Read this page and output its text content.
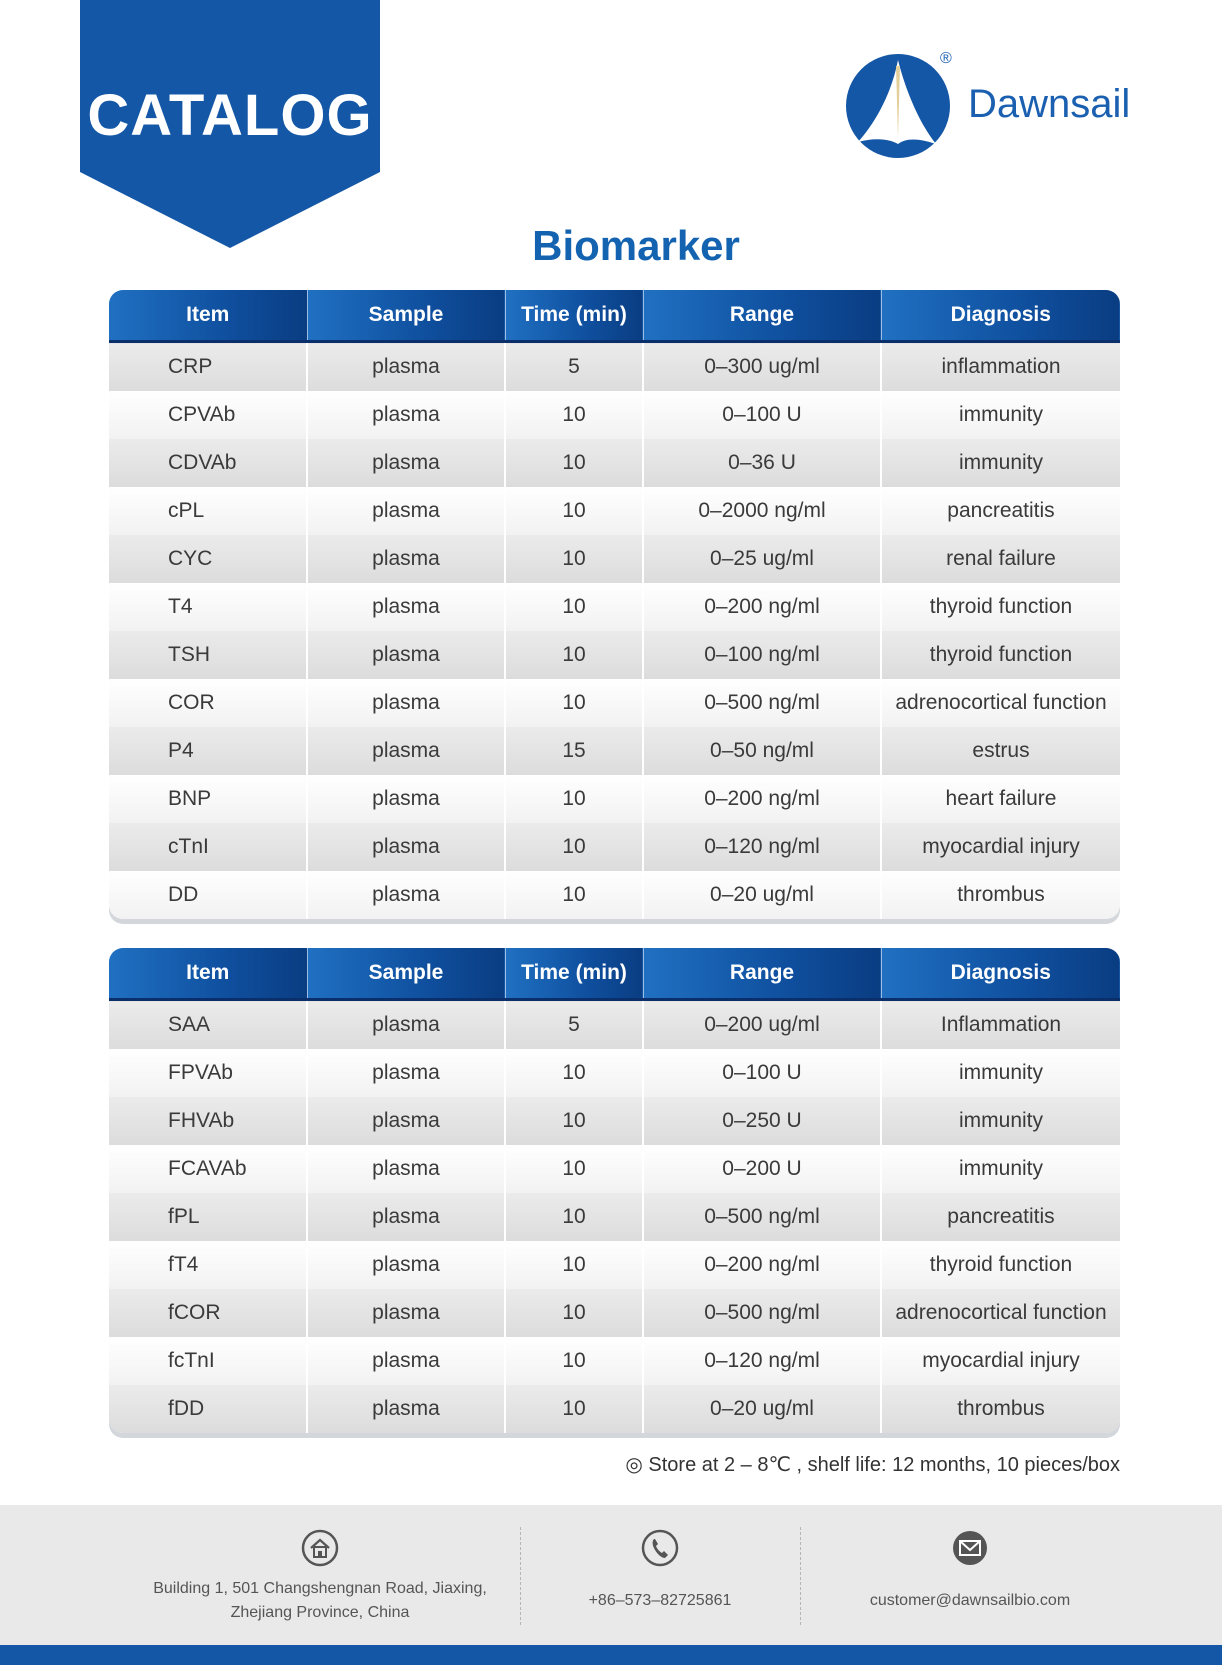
CATALOG
®
Dawnsail
Biomarker
Item	Sample	Time (min)	Range	Diagnosis
CRP	plasma	5	0–300 ug/ml	inflammation
CPVAb	plasma	10	0–100 U	immunity
CDVAb	plasma	10	0–36 U	immunity
cPL	plasma	10	0–2000 ng/ml	pancreatitis
CYC	plasma	10	0–25 ug/ml	renal failure
T4	plasma	10	0–200 ng/ml	thyroid function
TSH	plasma	10	0–100 ng/ml	thyroid function
COR	plasma	10	0–500 ng/ml	adrenocortical function
P4	plasma	15	0–50 ng/ml	estrus
BNP	plasma	10	0–200 ng/ml	heart failure
cTnI	plasma	10	0–120 ng/ml	myocardial injury
DD	plasma	10	0–20 ug/ml	thrombus
Item	Sample	Time (min)	Range	Diagnosis
SAA	plasma	5	0–200 ug/ml	Inflammation
FPVAb	plasma	10	0–100 U	immunity
FHVAb	plasma	10	0–250 U	immunity
FCAVAb	plasma	10	0–200 U	immunity
fPL	plasma	10	0–500 ng/ml	pancreatitis
fT4	plasma	10	0–200 ng/ml	thyroid function
fCOR	plasma	10	0–500 ng/ml	adrenocortical function
fcTnI	plasma	10	0–120 ng/ml	myocardial injury
fDD	plasma	10	0–20 ug/ml	thrombus
◎ Store at 2 – 8℃ , shelf life: 12 months, 10 pieces/box
Building 1, 501 Changshengnan Road, Jiaxing,
Zhejiang Province, China
+86–573–82725861	customer@dawnsailbio.com
